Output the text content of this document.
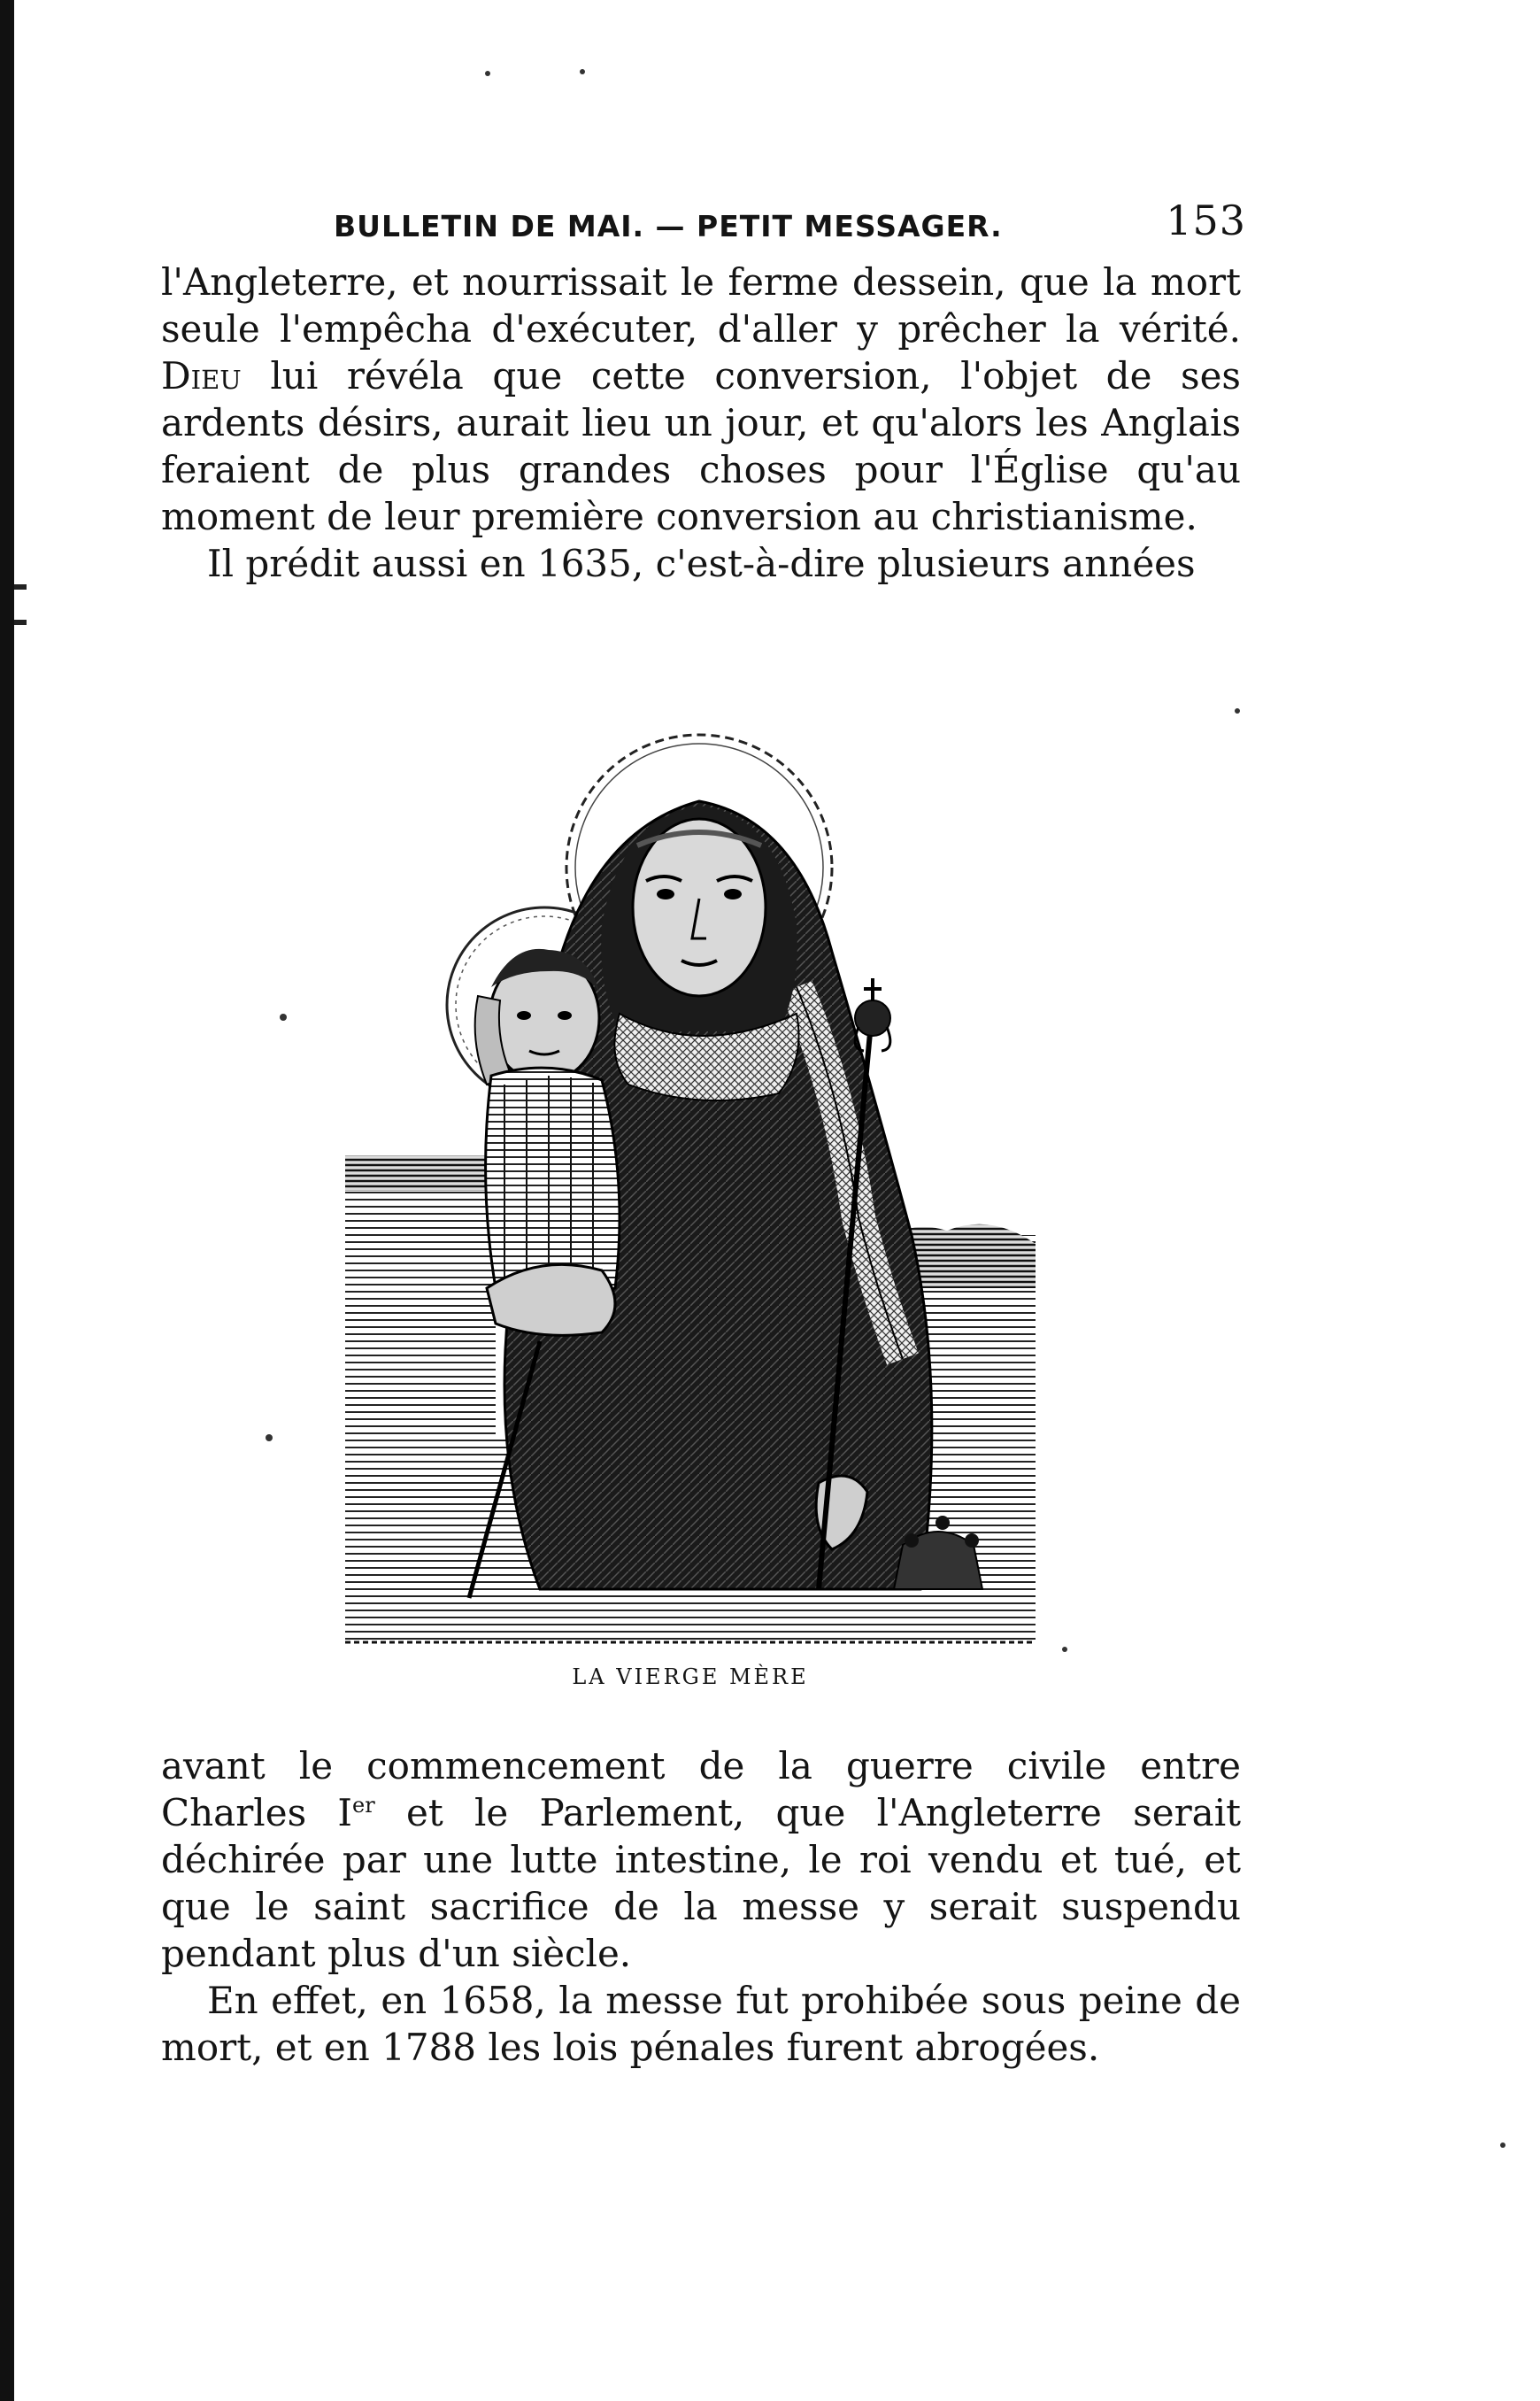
BULLETIN DE MAI. — PETIT MESSAGER.	153

l'Angleterre, et nourrissait le ferme dessein, que la mort seule l'empêcha d'exécuter, d'aller y prêcher la vérité. Dieu lui révéla que cette conversion, l'objet de ses ardents désirs, aurait lieu un jour, et qu'alors les Anglais feraient de plus grandes choses pour l'Église qu'au moment de leur première conversion au christianisme.

Il prédit aussi en 1635, c'est-à-dire plusieurs années

LA VIERGE MÈRE

avant le commencement de la guerre civile entre Charles Ier et le Parlement, que l'Angleterre serait déchirée par une lutte intestine, le roi vendu et tué, et que le saint sacrifice de la messe y serait suspendu pendant plus d'un siècle.

En effet, en 1658, la messe fut prohibée sous peine de mort, et en 1788 les lois pénales furent abrogées.
